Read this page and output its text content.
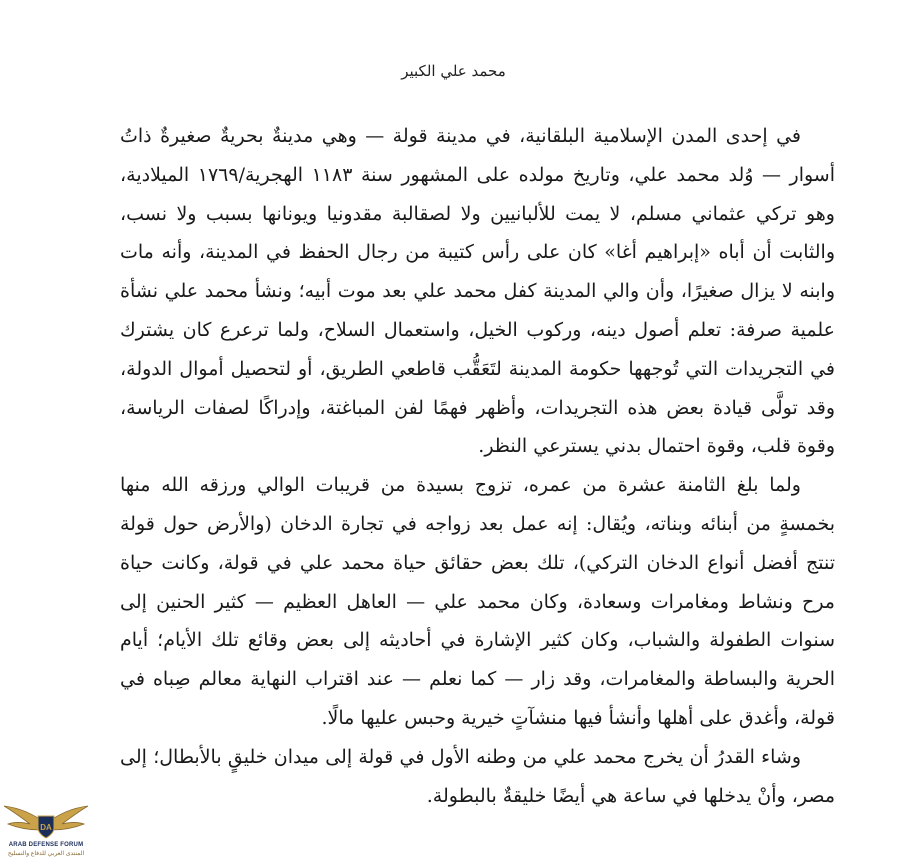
محمد علي الكبير

في إحدى المدن الإسلامية البلقانية، في مدينة قولة — وهي مدينةٌ بحريةٌ صغيرةٌ ذاتُ أسوار — وُلد محمد علي، وتاريخ مولده على المشهور سنة ١١٨٣ الهجرية/١٧٦٩ الميلادية، وهو تركي عثماني مسلم، لا يمت للألبانيين ولا لصقالبة مقدونيا ويونانها بسبب ولا نسب، والثابت أن أباه «إبراهيم أغا» كان على رأس كتيبة من رجال الحفظ في المدينة، وأنه مات وابنه لا يزال صغيرًا، وأن والي المدينة كفل محمد علي بعد موت أبيه؛ ونشأ محمد علي نشأة علمية صرفة: تعلم أصول دينه، وركوب الخيل، واستعمال السلاح، ولما ترعرع كان يشترك في التجريدات التي تُوجهها حكومة المدينة لتَعَقُّب قاطعي الطريق، أو لتحصيل أموال الدولة، وقد تولَّى قيادة بعض هذه التجريدات، وأظهر فهمًا لفن المباغتة، وإدراكًا لصفات الرياسة، وقوة قلب، وقوة احتمال بدني يسترعي النظر.

ولما بلغ الثامنة عشرة من عمره، تزوج بسيدة من قريبات الوالي ورزقه الله منها بخمسةٍ من أبنائه وبناته، ويُقال: إنه عمل بعد زواجه في تجارة الدخان (والأرض حول قولة تنتج أفضل أنواع الدخان التركي)، تلك بعض حقائق حياة محمد علي في قولة، وكانت حياة مرح ونشاط ومغامرات وسعادة، وكان محمد علي — العاهل العظيم — كثير الحنين إلى سنوات الطفولة والشباب، وكان كثير الإشارة في أحاديثه إلى بعض وقائع تلك الأيام؛ أيام الحرية والبساطة والمغامرات، وقد زار — كما نعلم — عند اقتراب النهاية معالم صِباه في قولة، وأغدق على أهلها وأنشأ فيها منشآتٍ خيرية وحبس عليها مالًا.

وشاء القدرُ أن يخرج محمد علي من وطنه الأول في قولة إلى ميدان خليقٍ بالأبطال؛ إلى مصر، وأنْ يدخلها في ساعة هي أيضًا خليقةٌ بالبطولة.

DA
ARAB DEFENSE FORUM
المنتدى العربي للدفاع والتسليح
